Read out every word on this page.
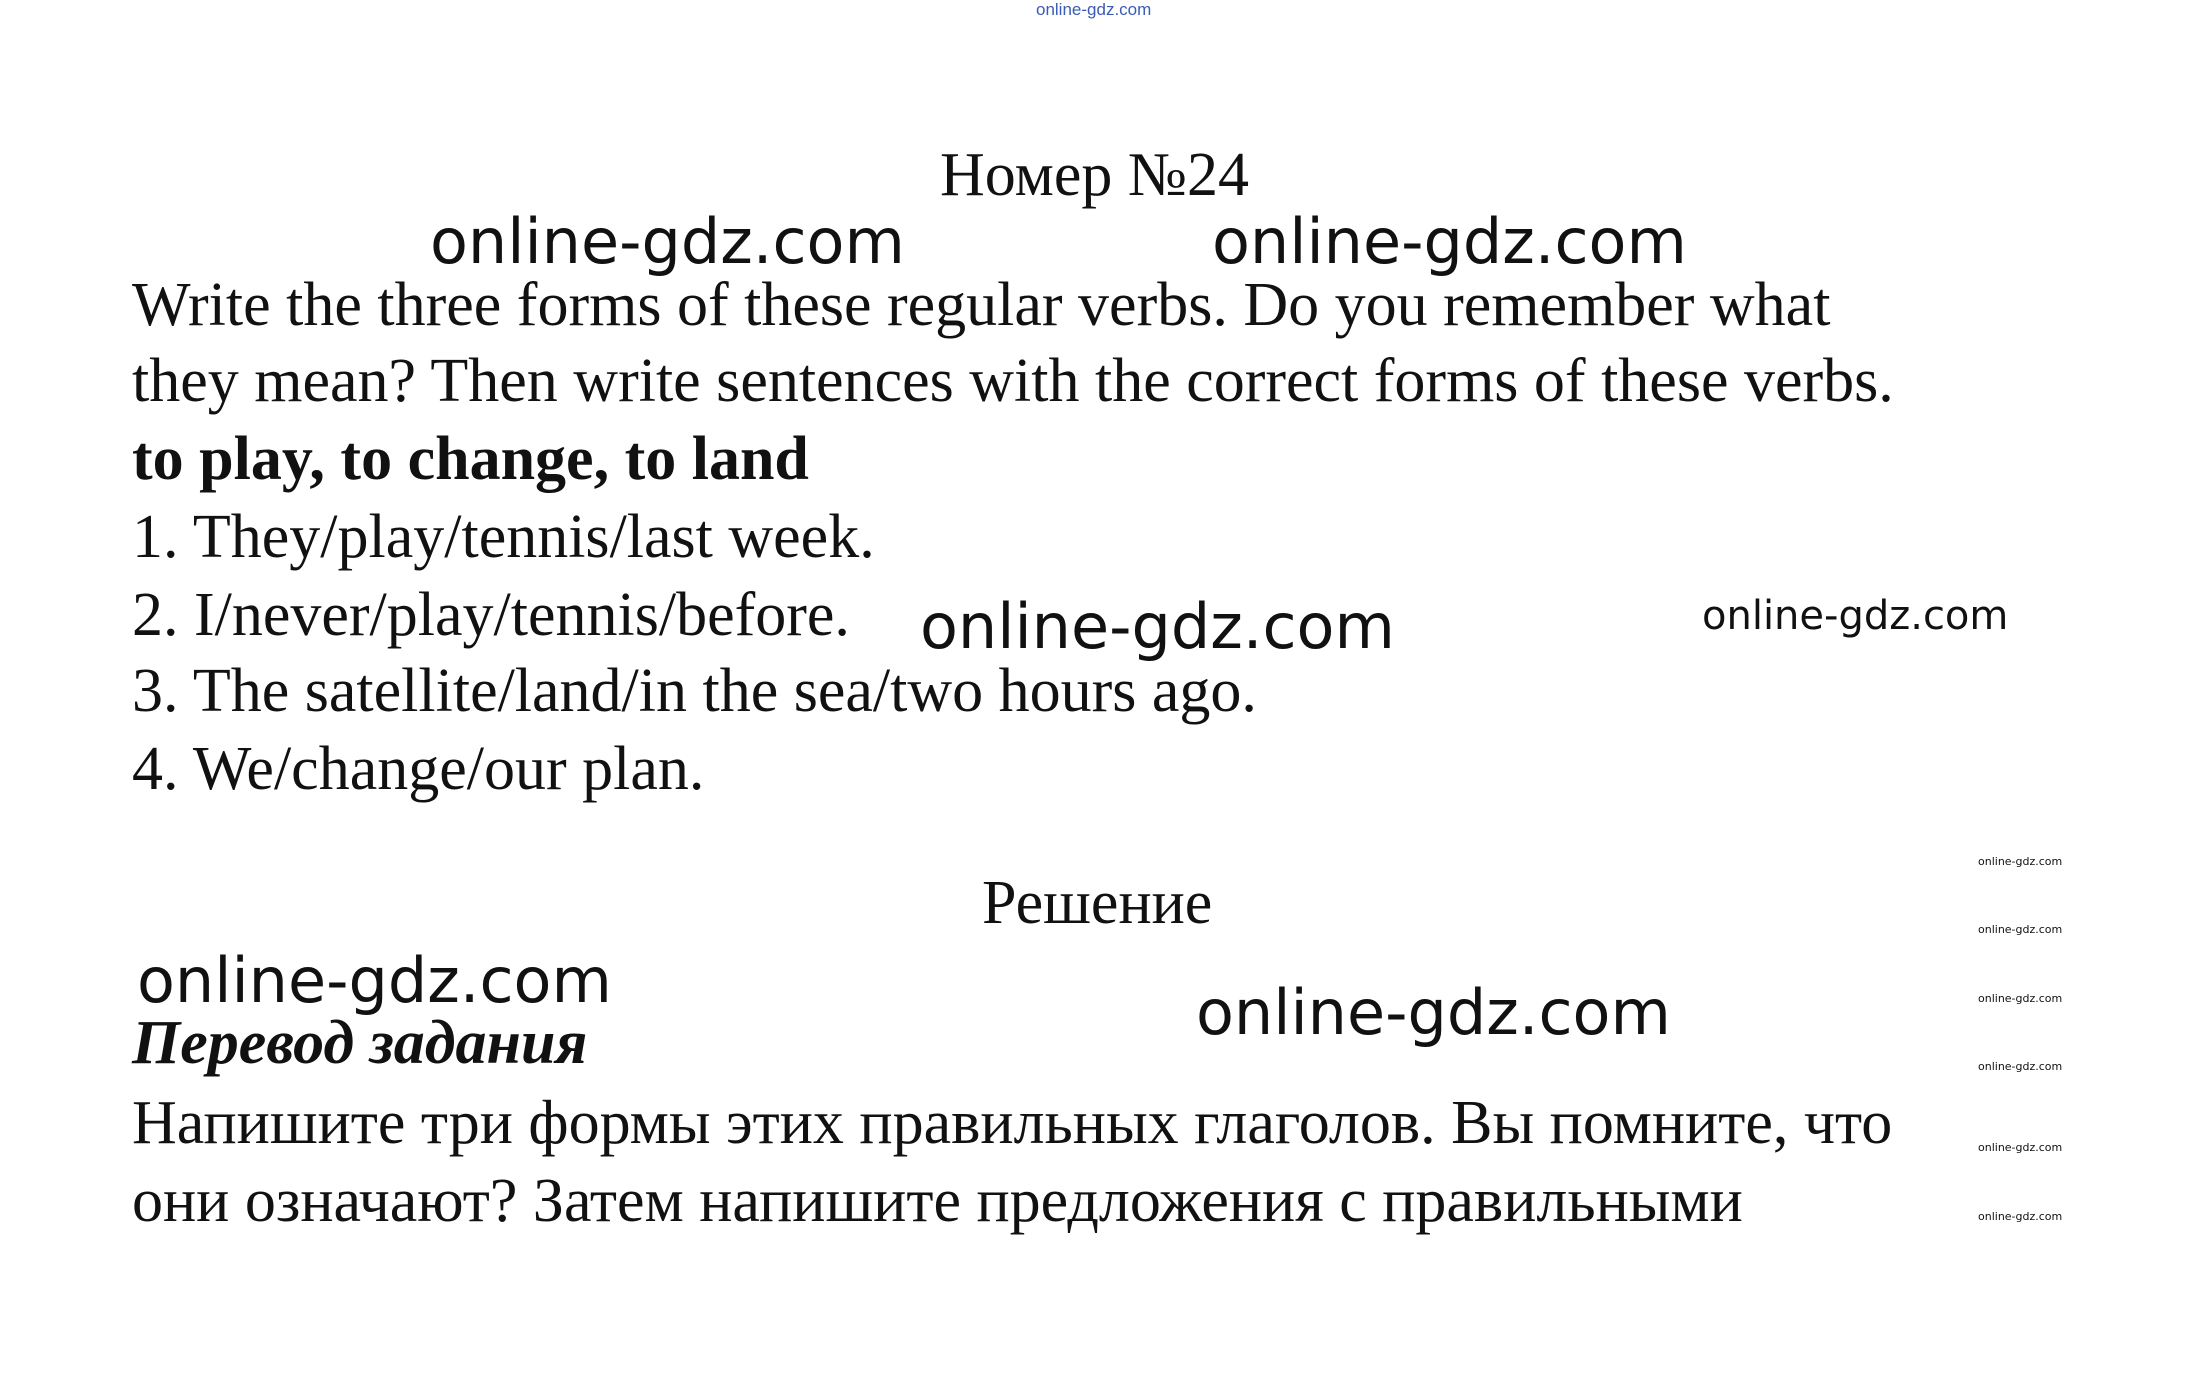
online-gdz.com
Номер №24
online-gdz.com	online-gdz.com
Write the three forms of these regular verbs. Do you remember what
they mean? Then write sentences with the correct forms of these verbs.
to play, to change, to land
1. They/play/tennis/last week.
2. I/never/play/tennis/before.
3. The satellite/land/in the sea/two hours ago.
4. We/change/our plan.
online-gdz.com	online-gdz.com
Решение
online-gdz.com	online-gdz.com
Перевод задания
Напишите три формы этих правильных глаголов. Вы помните, что
они означают? Затем напишите предложения с правильными
online-gdz.com
online-gdz.com
online-gdz.com
online-gdz.com
online-gdz.com
online-gdz.com
